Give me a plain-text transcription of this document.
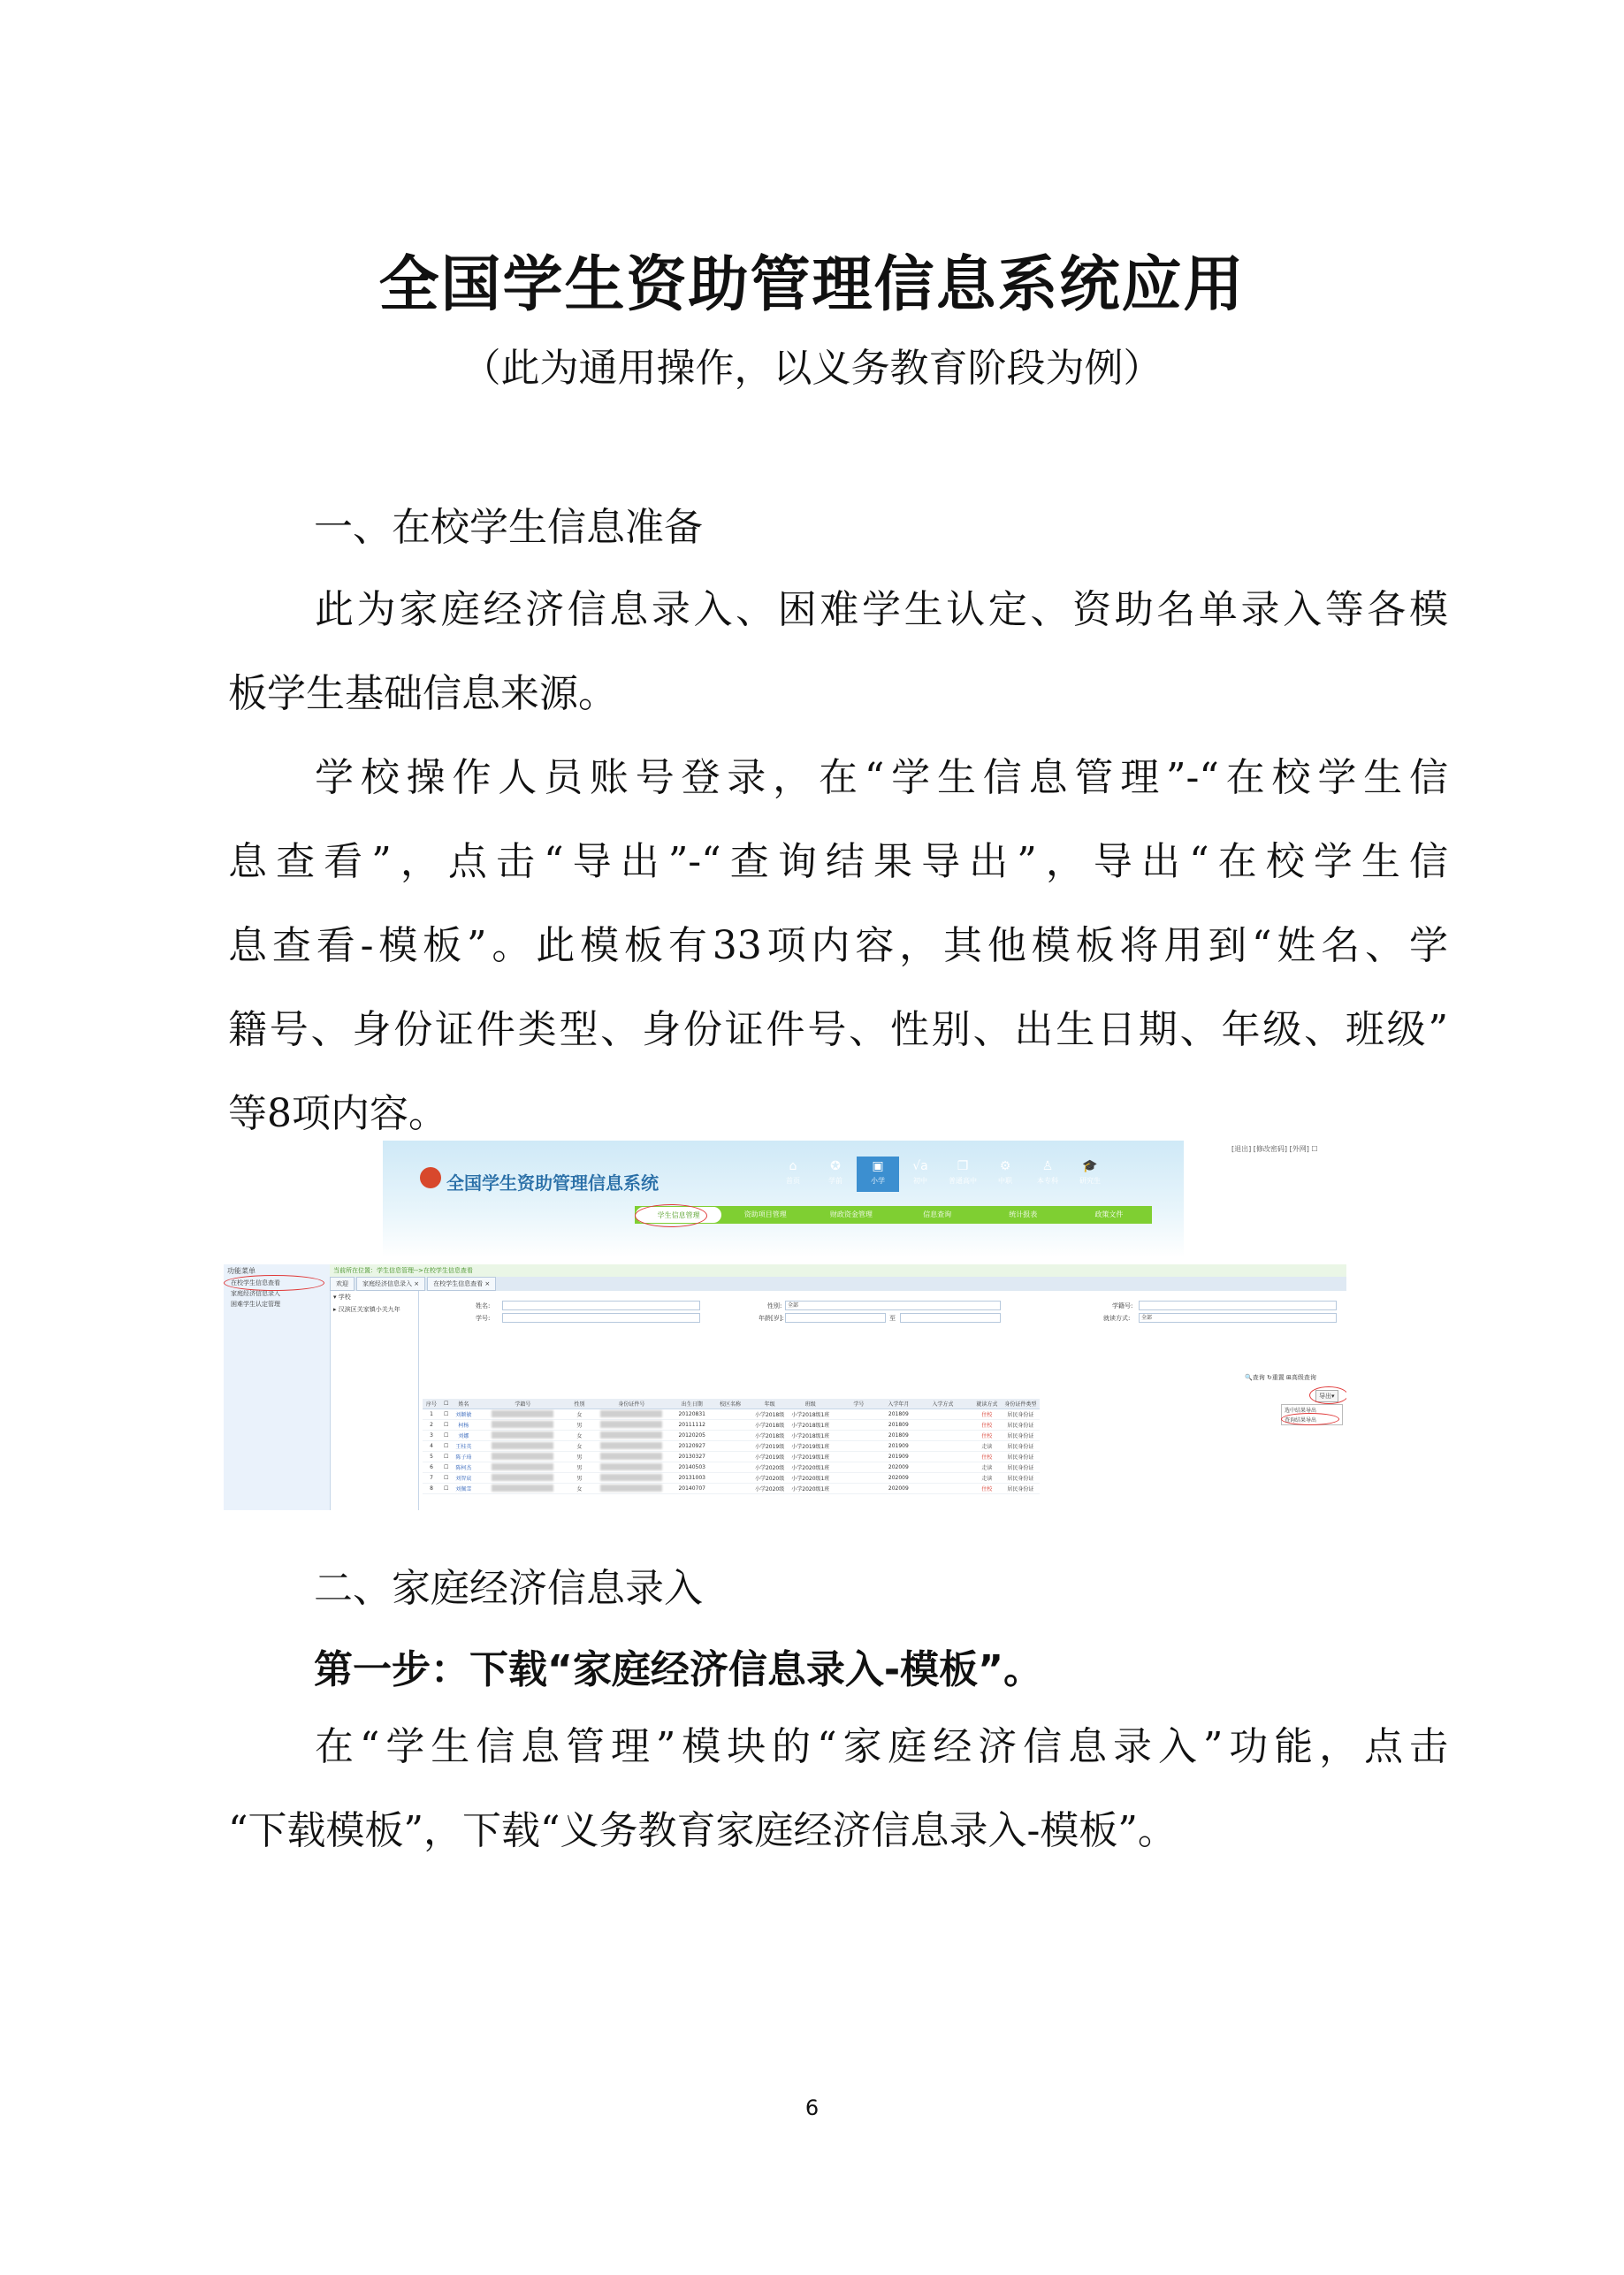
全国学生资助管理信息系统应用
（此为通用操作，以义务教育阶段为例）
一、在校学生信息准备
此为家庭经济信息录入、困难学生认定、资助名单录入等各模
板学生基础信息来源。
学校操作人员账号登录，在“学生信息管理”-“在校学生信
息查看”，点击“导出”-“查询结果导出”，导出“在校学生信
息查看-模板”。此模板有33项内容，其他模板将用到“姓名、学
籍号、身份证件类型、身份证件号、性别、出生日期、年级、班级”
等8项内容。
[退出] [修改密码] [外网] ☐
全国学生资助管理信息系统
⌂
首页
✪
学前
▣
小学
√a
初中
❐
普通高中
⚙
中职
♙
本专科
🎓
研究生
学生信息管理	资助项目管理	财政资金管理	信息查询	统计报表	政策文件
功能菜单
在校学生信息查看
家庭经济信息录入
困难学生认定管理
当前所在位置：学生信息管理-->在校学生信息查看
欢迎	家庭经济信息录入 ×	在校学生信息查看 ×
▾ 学校
▸ 汉滨区关家镇小关九年	姓名:
学号:
性别:	全部
年龄[岁]:	至
学籍号:
就读方式:	全部
🔍查询 ↻重置 ⊞高级查询
导出▾
选中结果导出
查询结果导出
序号	☐	姓名	学籍号	性别	身份证件号	出生日期	校区名称	年级	班级	学号	入学年月	入学方式	就读方式	身份证件类型
1	☐	刘颖敏		女		20120831		小学2018级	小学2018级1班		201809		住校	居民身份证
2	☐	柯杨		男		20111112		小学2018级	小学2018级1班		201809		住校	居民身份证
3	☐	刘娜		女		20120205		小学2018级	小学2018级1班		201809		住校	居民身份证
4	☐	王桂英		女		20120927		小学2019级	小学2019级1班		201909		走读	居民身份证
5	☐	陈子琦		男		20130327		小学2019级	小学2019级1班		201909		住校	居民身份证
6	☐	陈柯杰		男		20140503		小学2020级	小学2020级1班		202009		走读	居民身份证
7	☐	刘智宸		男		20131003		小学2020级	小学2020级1班		202009		走读	居民身份证
8	☐	刘佩雪		女		20140707		小学2020级	小学2020级1班		202009		住校	居民身份证
二、家庭经济信息录入
第一步：下载“家庭经济信息录入-模板”。
在“学生信息管理”模块的“家庭经济信息录入”功能，点击
“下载模板”，下载“义务教育家庭经济信息录入-模板”。
6
